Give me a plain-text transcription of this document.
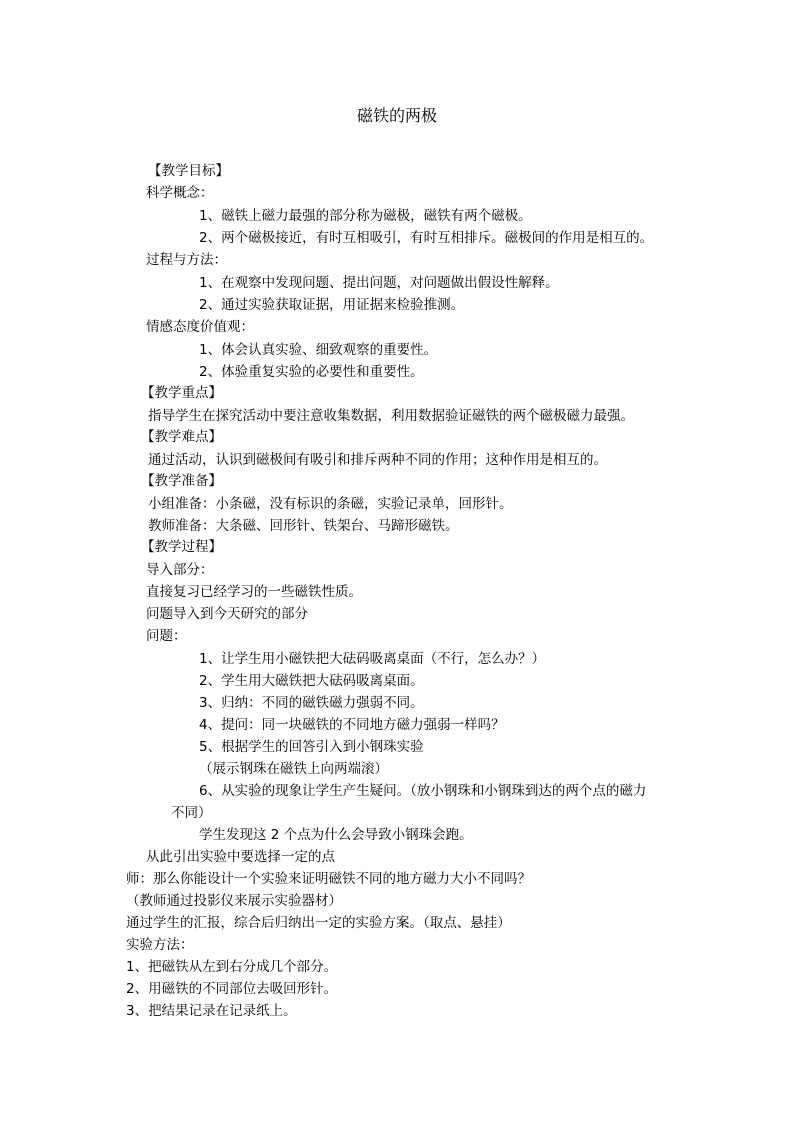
磁铁的两极
【教学目标】
科学概念：
1、磁铁上磁力最强的部分称为磁极，磁铁有两个磁极。
2、两个磁极接近，有时互相吸引，有时互相排斥。磁极间的作用是相互的。
过程与方法：
1、在观察中发现问题、提出问题，对问题做出假设性解释。
2、通过实验获取证据，用证据来检验推测。
情感态度价值观：
1、体会认真实验、细致观察的重要性。
2、体验重复实验的必要性和重要性。
【教学重点】
指导学生在探究活动中要注意收集数据，利用数据验证磁铁的两个磁极磁力最强。
【教学难点】
通过活动，认识到磁极间有吸引和排斥两种不同的作用；这种作用是相互的。
【教学准备】
小组准备：小条磁，没有标识的条磁，实验记录单，回形针。
教师准备：大条磁、回形针、铁架台、马蹄形磁铁。
【教学过程】
导入部分：
直接复习已经学习的一些磁铁性质。
问题导入到今天研究的部分
问题：
1、让学生用小磁铁把大砝码吸离桌面（不行，怎么办？）
2、学生用大磁铁把大砝码吸离桌面。
3、归纳：不同的磁铁磁力强弱不同。
4、提问：同一块磁铁的不同地方磁力强弱一样吗？
5、根据学生的回答引入到小钢珠实验
（展示钢珠在磁铁上向两端滚）
6、从实验的现象让学生产生疑问。（放小钢珠和小钢珠到达的两个点的磁力
不同）
学生发现这 2 个点为什么会导致小钢珠会跑。
从此引出实验中要选择一定的点
师：那么你能设计一个实验来证明磁铁不同的地方磁力大小不同吗？
（教师通过投影仪来展示实验器材）
通过学生的汇报，综合后归纳出一定的实验方案。（取点、悬挂）
实验方法：
1、把磁铁从左到右分成几个部分。
2、用磁铁的不同部位去吸回形针。
3、把结果记录在记录纸上。
